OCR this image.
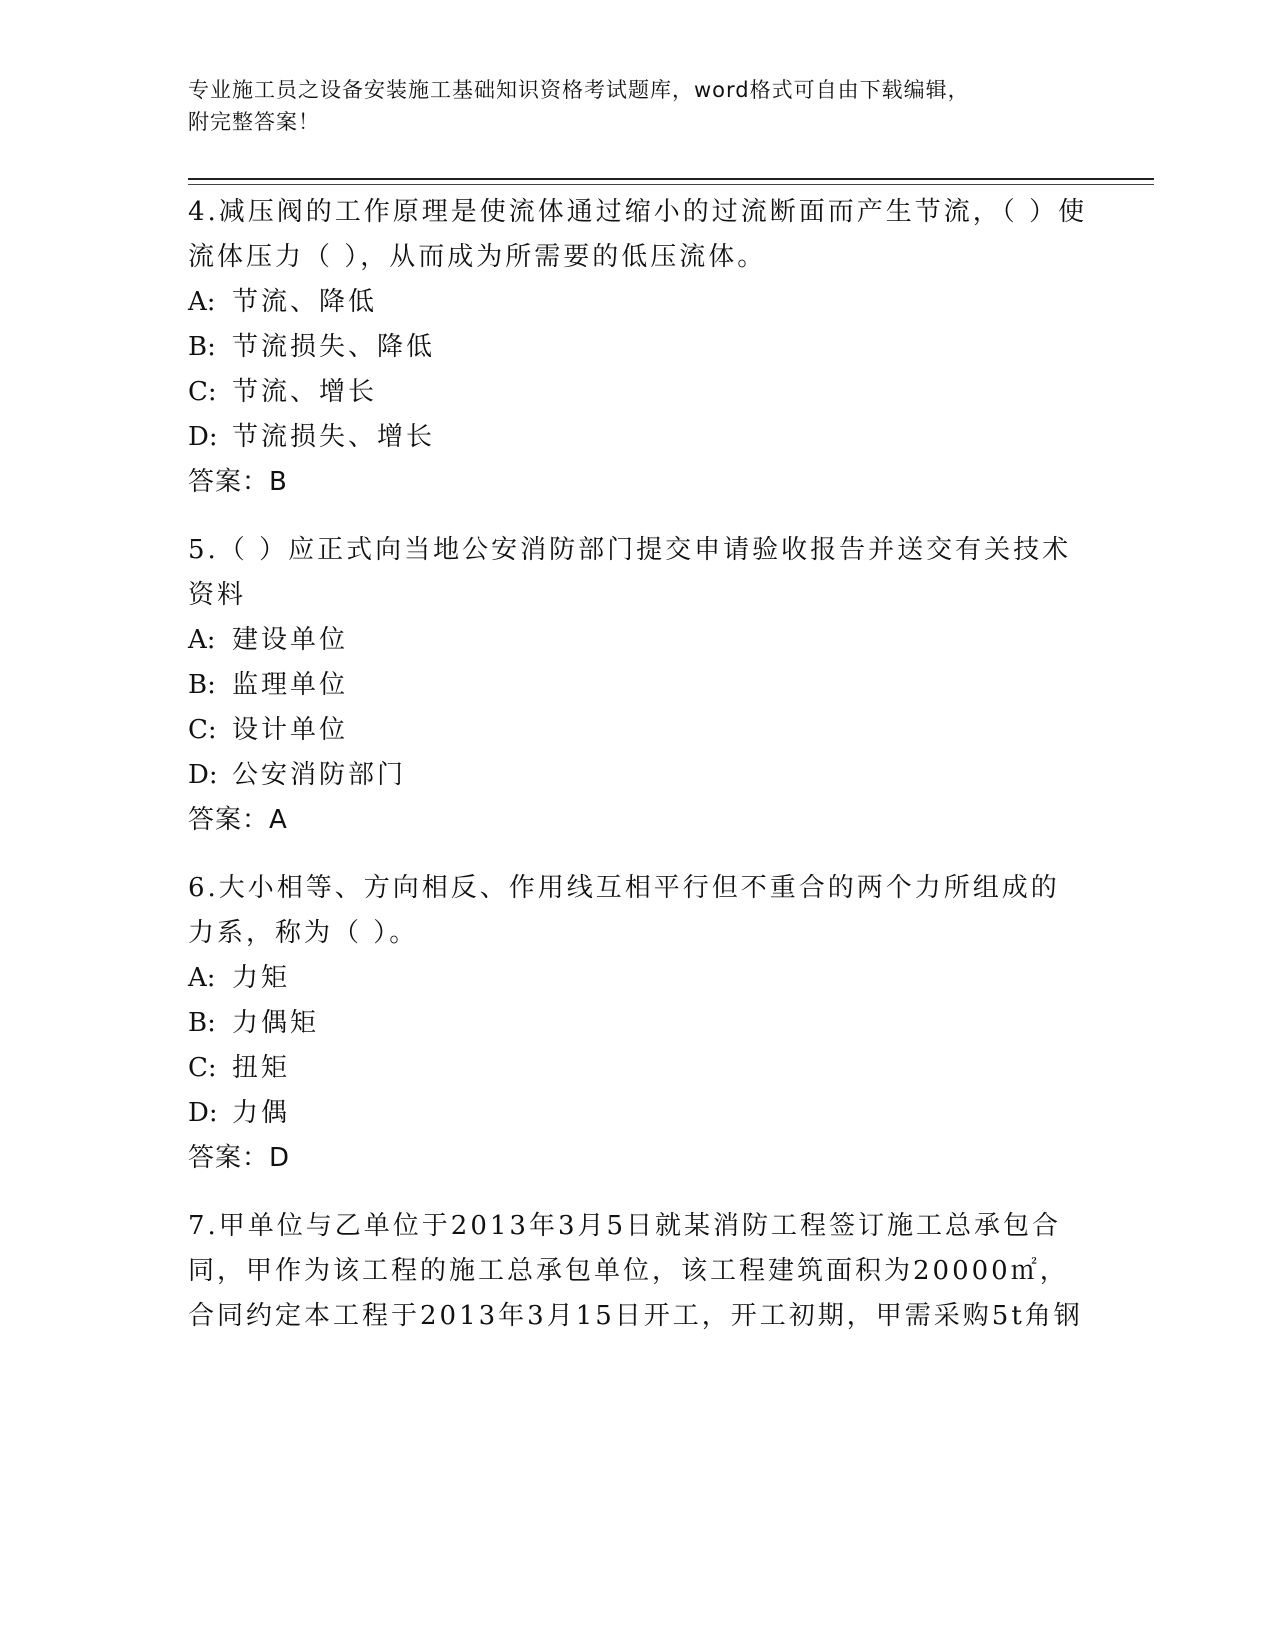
专业施工员之设备安装施工基础知识资格考试题库，word格式可自由下载编辑，
附完整答案！
4.减压阀的工作原理是使流体通过缩小的过流断面而产生节流，（ ）使流体压力（ ），从而成为所需要的低压流体。
A: 节流、降低
B: 节流损失、降低
C: 节流、增长
D: 节流损失、增长
答案：B
5.（ ）应正式向当地公安消防部门提交申请验收报告并送交有关技术资料
A: 建设单位
B: 监理单位
C: 设计单位
D: 公安消防部门
答案：A
6.大小相等、方向相反、作用线互相平行但不重合的两个力所组成的力系，称为（ ）。
A: 力矩
B: 力偶矩
C: 扭矩
D: 力偶
答案：D
7.甲单位与乙单位于2013年3月5日就某消防工程签订施工总承包合同，甲作为该工程的施工总承包单位，该工程建筑面积为20000㎡，合同约定本工程于2013年3月15日开工，开工初期，甲需采购5t角钢
